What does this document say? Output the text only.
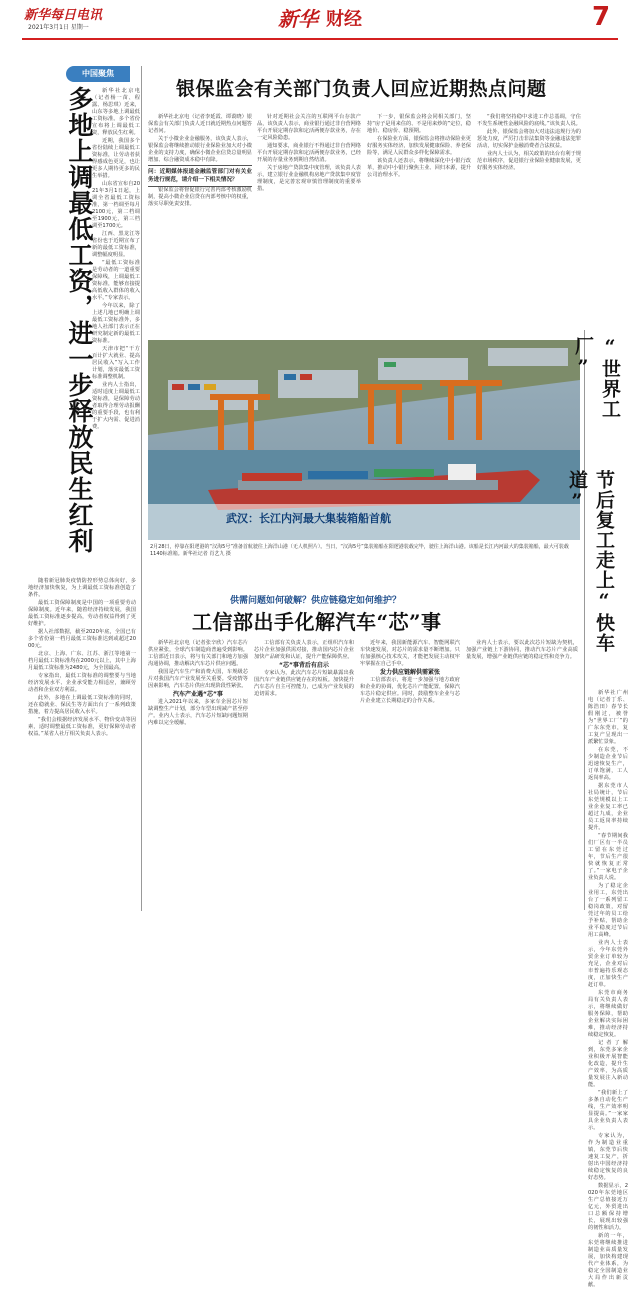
新华每日电讯
2021年3月1日 星期一	新华 财经	7
中国聚焦
多地上调最低工资，进一步释放民生红利	新华社北京电（记者杨一苗、程露、杨思琪）近来，山东等多地上调最低工资标准。多个省份宣布将上调最低工资，释放民生红利。

近期，我国多个省份陆续上调最低工资标准，让劳动者获得感成色更足，也让更多人期待更多的民生举措。

山东省宣布自2021年3月1日起，上调全省最低工资标准，第一档调至每月2100元，第二档调至1900元，第三档调至1700元。

江西、黑龙江等省份也于近期宣布了新的最低工资标准，调整幅度明显。

“最低工资标准是劳动者的一道重要保障线，上调最低工资标准，能够直接提高低收入群体的收入水平。”专家表示。

今年以来，除了上述几地已明确上调最低工资标准外，多地人社部门表示正在研究制定新的最低工资标准。

天津市把“干方百计扩大就业、提高居民收入”写入工作计划，落实最低工资标准调整机制。

业内人士指出，适时适度上调最低工资标准，是保障劳动者取得合理劳动报酬的重要手段，也有利于扩大内需、促进消费。

随着新冠肺炎疫情防控形势总体向好，多地经济加快恢复，为上调最低工资标准创造了条件。

最低工资保障制度是中国的一项重要劳动保障制度。近年来，随着经济持续发展，我国最低工资标准逐步提高，劳动者权益得到了更好维护。

据人社部数据，截至2020年底，全国已有多个省份第一档月最低工资标准达到或超过2000元。

北京、上海、广东、江苏、浙江等地第一档月最低工资标准均在2000元以上，其中上海月最低工资标准为2480元，为全国最高。

专家指出，最低工资标准的调整要与当地经济发展水平、企业承受能力相适应，兼顾劳动者和企业双方利益。

此外，多地在上调最低工资标准的同时，还在稳就业、保民生等方面出台了一系列政策措施，着力提高居民收入水平。

“我们会根据经济发展水平、物价变动等因素，适时调整最低工资标准，更好保障劳动者权益。”某省人社厅相关负责人表示。

银保监会有关部门负责人回应近期热点问题

新华社北京电（记者李延霞、谭谟晓）银保监会有关部门负责人近日就近期热点问题答记者问。

关于小微企业金融服务，该负责人表示，银保监会将继续推动银行业保险业加大对小微企业的支持力度，确保小微企业信贷总量明显增加、综合融资成本稳中有降。

问：近期媒体报道金融监管部门对有关业务进行规范，请介绍一下相关情况？

银保监会将督促银行完善内部考核激励机制，提高小微企业信贷在内部考核中的权重，落实尽职免责安排。

针对近期社会关注的互联网平台存款产品，该负责人表示，商业银行通过非自营网络平台开展定期存款和定活两便存款业务，存在一定风险隐患。

通知要求，商业银行不得通过非自营网络平台开展定期存款和定活两便存款业务，已经开展的存量业务到期自然结清。

关于房地产贷款集中度管理，该负责人表示，建立银行业金融机构房地产贷款集中度管理制度，是完善宏观审慎管理制度的重要举措。

下一步，银保监会将会同相关部门，坚持“房子是用来住的、不是用来炒的”定位，稳地价、稳房价、稳预期。

在保险业方面，银保监会将推动保险业更好服务实体经济，加快发展健康保险、养老保险等，满足人民群众多样化保障需求。

该负责人还表示，将继续深化中小银行改革，推动中小银行聚焦主业、回归本源，提升公司治理水平。

“我们将坚持稳中求进工作总基调，守住不发生系统性金融风险的底线。”该负责人说。

此外，银保监会将加大对违法违规行为的惩处力度，严厉打击非法集资等金融违法犯罪活动，切实保护金融消费者合法权益。

业内人士认为，相关政策的出台有利于规范市场秩序，促进银行业保险业健康发展，更好服务实体经济。

武汉：长江内河最大集装箱船首航
2月28日，停靠在阳逻港的“汉海5号”准备首航驶往上海洋山港（无人机照片）。当日，“汉海5号”集装箱船在阳逻港装载完毕，驶往上海洋山港。该船是长江内河最大的集装箱船，最大可装载1140标准箱。新华社记者 肖艺九 摄
供需问题如何破解？供应链稳定如何维护？
工信部出手化解汽车“芯”事

新华社北京电（记者张辛欣）汽车芯片供应紧张，全球汽车制造商普遍受到影响。工信部近日表示，将与有关部门和地方加强沟通协调，推动解决汽车芯片供应问题。

我国是汽车生产和消费大国，车规级芯片对我国汽车产业发展至关重要。受疫情等因素影响，汽车芯片供应出现阶段性紧张。

汽车产业遇“芯”事

进入2021年以来，多家车企因芯片短缺调整生产计划，部分车型出现减产甚至停产。业内人士表示，汽车芯片短缺问题短期内难以完全缓解。

工信部有关负责人表示，正组织汽车和芯片企业加强供需对接，推动国内芯片企业加快产品研发和认证，提升产能保障供应。

“芯”事背后有启示

专家认为，此次汽车芯片短缺暴露出我国汽车产业链供应链存在的短板。加快提升汽车芯片自主可控能力，已成为产业发展的迫切需求。

近年来，我国新能源汽车、智能网联汽车快速发展，对芯片的需求量不断增加。只有加强核心技术攻关，才能把发展主动权牢牢掌握在自己手中。

发力供应链解供需紧张

工信部表示，将进一步加强与地方政府和企业的协调，优化芯片产能配置，保障汽车芯片稳定供应。同时，鼓励整车企业与芯片企业建立长期稳定的合作关系。

业内人士表示，要以此次芯片短缺为契机，加强产业链上下游协同，推动汽车芯片产业高质量发展，增强产业链供应链的稳定性和竞争力。

“世界工厂”
节后复工走上“快车道”

新华社广州电（记者丁乐、陈浩田）春节长假刚过，被誉为“世界工厂”的广东东莞市，复工复产呈现出一派繁忙景象。

在东莞，不少制造企业节后迅速恢复生产，订单饱满，工人返岗率高。

据东莞市人社局统计，节后东莞规模以上工业企业复工率已超过九成，企业员工返岗率持续提升。

“春节期间我们厂区有一半员工留在东莞过年，节后生产很快就恢复正常了。”一家电子企业负责人说。

为了稳定企业用工，东莞出台了一系列留工稳岗政策，对留莞过年的员工给予补贴，帮助企业平稳度过节后用工高峰。

业内人士表示，今年东莞外贸企业订单较为充足，企业对后市普遍持乐观态度，正加快生产赶订单。

东莞市商务局有关负责人表示，将继续做好服务保障，帮助企业解决实际困难，推动经济持续稳定恢复。

记者了解到，东莞多家企业积极开展智能化改造，提升生产效率，为高质量发展注入新动能。

“我们新上了多条自动化生产线，生产效率明显提高。”一家家具企业负责人表示。

专家认为，作为制造业重镇，东莞节后快速复工复产，折射出中国经济持续稳定恢复的良好态势。

数据显示，2020年东莞地区生产总值接近万亿元，外贸进出口总额保持增长，展现出较强的韧性和活力。

新的一年，东莞将继续推进制造业高质量发展，加快构建现代产业体系，为稳定全国制造业大局作出新贡献。
